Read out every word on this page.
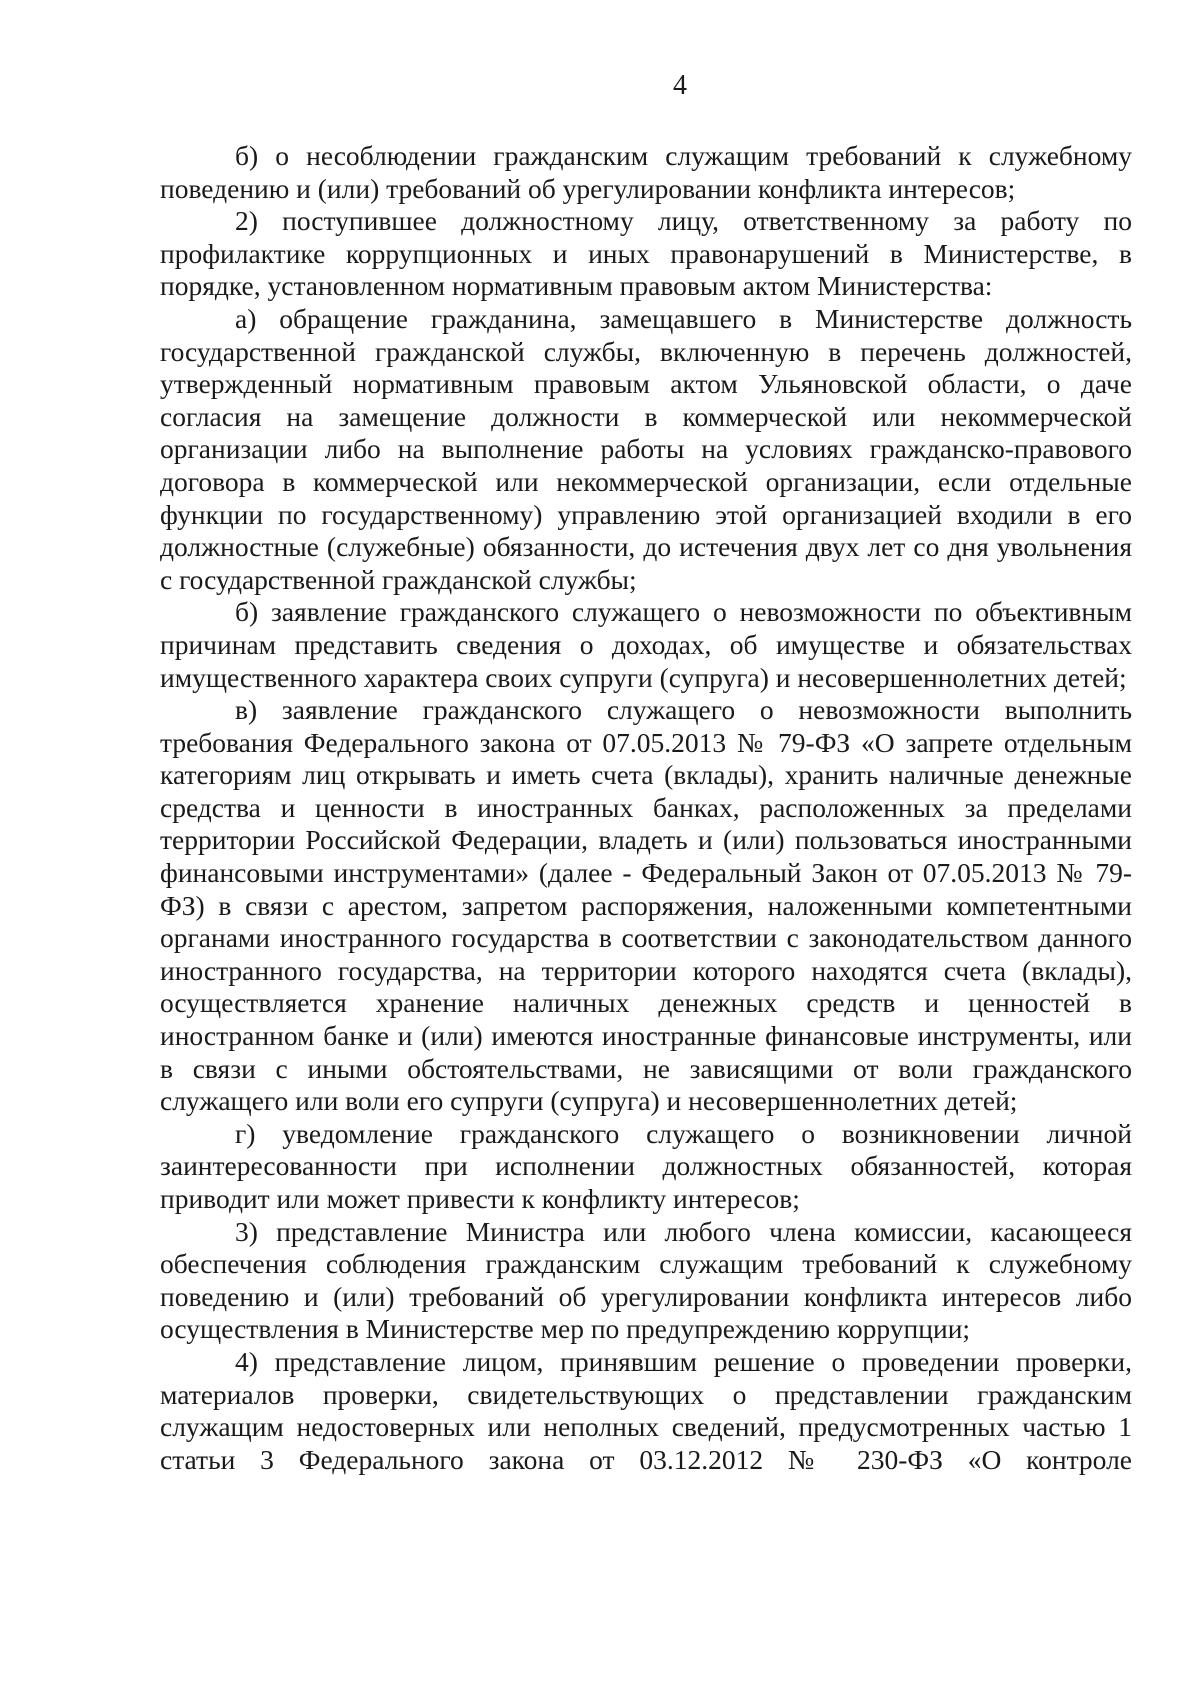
4

б) о несоблюдении гражданским служащим требований к служебному поведению и (или) требований об урегулировании конфликта интересов;

2) поступившее должностному лицу, ответственному за работу по профилактике коррупционных и иных правонарушений в Министерстве, в порядке, установленном нормативным правовым актом Министерства:

а) обращение гражданина, замещавшего в Министерстве должность государственной гражданской службы, включенную в перечень должностей, утвержденный нормативным правовым актом Ульяновской области, о даче согласия на замещение должности в коммерческой или некоммерческой организации либо на выполнение работы на условиях гражданско-правового договора в коммерческой или некоммерческой организации, если отдельные функции по государственному) управлению этой организацией входили в его должностные (служебные) обязанности, до истечения двух лет со дня увольнения с государственной гражданской службы;

б) заявление гражданского служащего о невозможности по объективным причинам представить сведения о доходах, об имуществе и обязательствах имущественного характера своих супруги (супруга) и несовершеннолетних детей;

в) заявление гражданского служащего о невозможности выполнить требования Федерального закона от 07.05.2013 № 79-ФЗ «О запрете отдельным категориям лиц открывать и иметь счета (вклады), хранить наличные денежные средства и ценности в иностранных банках, расположенных за пределами территории Российской Федерации, владеть и (или) пользоваться иностранными финансовыми инструментами» (далее - Федеральный Закон от 07.05.2013 № 79-ФЗ) в связи с арестом, запретом распоряжения, наложенными компетентными органами иностранного государства в соответствии с законодательством данного иностранного государства, на территории которого находятся счета (вклады), осуществляется хранение наличных денежных средств и ценностей в иностранном банке и (или) имеются иностранные финансовые инструменты, или в связи с иными обстоятельствами, не зависящими от воли гражданского служащего или воли его супруги (супруга) и несовершеннолетних детей;

г) уведомление гражданского служащего о возникновении личной заинтересованности при исполнении должностных обязанностей, которая приводит или может привести к конфликту интересов;

3) представление Министра или любого члена комиссии, касающееся обеспечения соблюдения гражданским служащим требований к служебному поведению и (или) требований об урегулировании конфликта интересов либо осуществления в Министерстве мер по предупреждению коррупции;

4) представление лицом, принявшим решение о проведении проверки, материалов проверки, свидетельствующих о представлении гражданским служащим недостоверных или неполных сведений, предусмотренных частью 1 статьи 3 Федерального закона от 03.12.2012 № 230-ФЗ «О контроле
